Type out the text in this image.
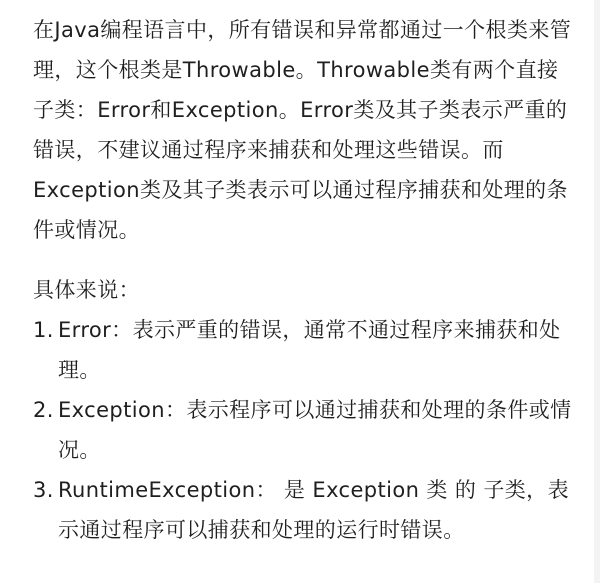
在Java编程语言中，所有错误和异常都通过一个根类来管理，这个根类是Throwable。Throwable类有两个直接子类：Error和Exception。Error类及其子类表示严重的错误，不建议通过程序来捕获和处理这些错误。而Exception类及其子类表示可以通过程序捕获和处理的条件或情况。

具体来说：

1. Error：表示严重的错误，通常不通过程序来捕获和处理。
2. Exception：表示程序可以通过捕获和处理的条件或情况。
3. RuntimeException： 是 Exception 类 的 子类，表示通过程序可以捕获和处理的运行时错误。
